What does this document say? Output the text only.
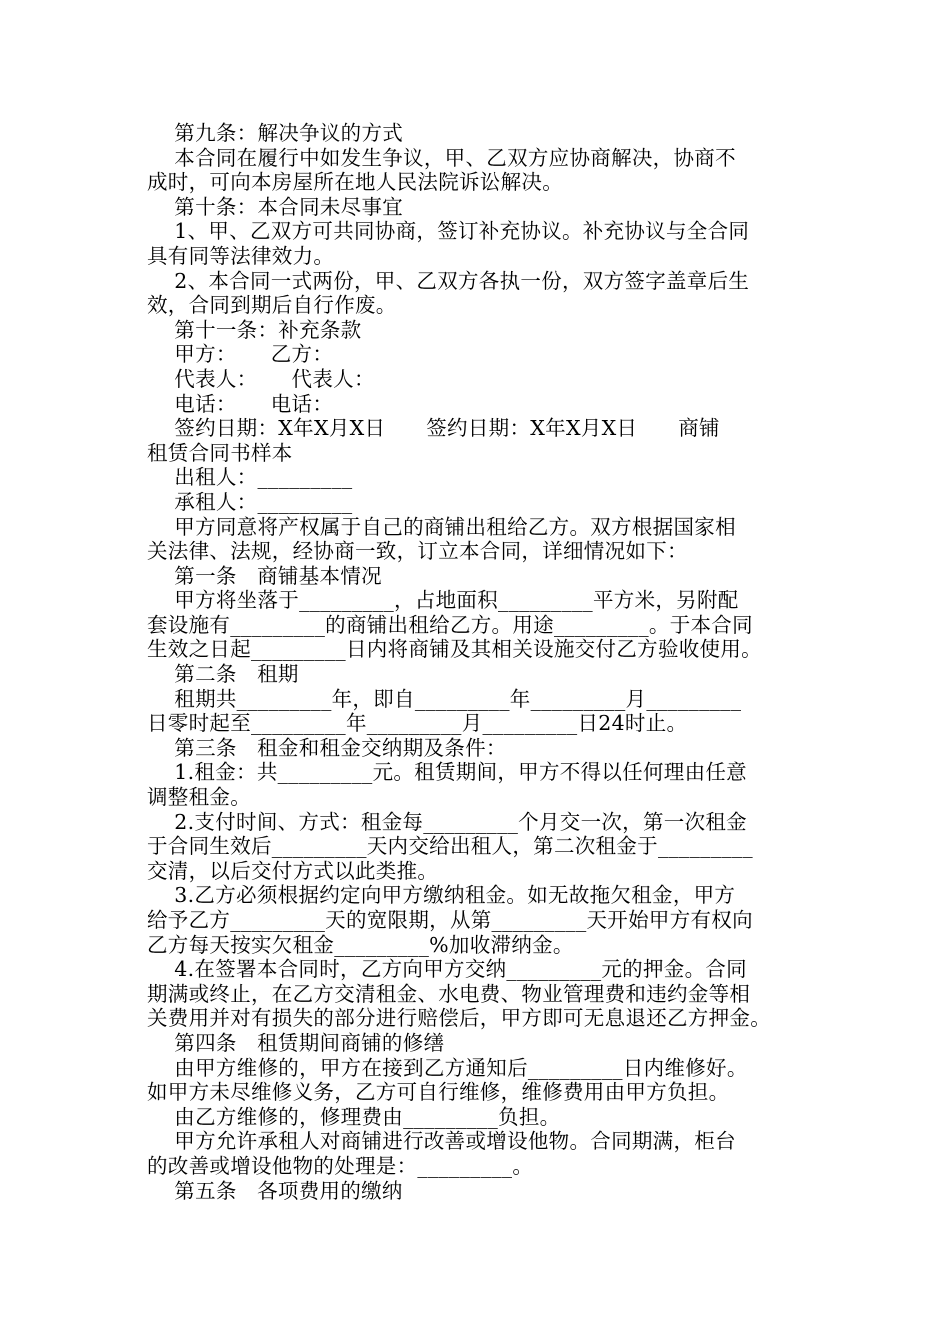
第九条：解决争议的方式
本合同在履行中如发生争议，甲、乙双方应协商解决，协商不
成时，可向本房屋所在地人民法院诉讼解决。
第十条：本合同未尽事宜
1、甲、乙双方可共同协商，签订补充协议。补充协议与全合同
具有同等法律效力。
2、本合同一式两份，甲、乙双方各执一份，双方签字盖章后生
效，合同到期后自行作废。
第十一条：补充条款
甲方：     乙方：
代表人：     代表人：
电话：     电话：
签约日期：X年X月X日      签约日期：X年X月X日      商铺
租赁合同书样本
出租人：_________
承租人：_________
甲方同意将产权属于自己的商铺出租给乙方。双方根据国家相
关法律、法规，经协商一致，订立本合同，详细情况如下：
第一条   商铺基本情况
甲方将坐落于_________，占地面积_________平方米，另附配
套设施有_________的商铺出租给乙方。用途_________。于本合同
生效之日起_________日内将商铺及其相关设施交付乙方验收使用。
第二条   租期
租期共_________年，即自_________年_________月_________
日零时起至_________年_________月_________日24时止。
第三条   租金和租金交纳期及条件：
1.租金：共_________元。租赁期间，甲方不得以任何理由任意
调整租金。
2.支付时间、方式：租金每_________个月交一次，第一次租金
于合同生效后_________天内交给出租人，第二次租金于_________
交清，以后交付方式以此类推。
3.乙方必须根据约定向甲方缴纳租金。如无故拖欠租金，甲方
给予乙方_________天的宽限期，从第_________天开始甲方有权向
乙方每天按实欠租金_________%加收滞纳金。
4.在签署本合同时，乙方向甲方交纳_________元的押金。合同
期满或终止，在乙方交清租金、水电费、物业管理费和违约金等相
关费用并对有损失的部分进行赔偿后，甲方即可无息退还乙方押金。
第四条   租赁期间商铺的修缮
由甲方维修的，甲方在接到乙方通知后_________日内维修好。
如甲方未尽维修义务，乙方可自行维修，维修费用由甲方负担。
由乙方维修的，修理费由_________负担。
甲方允许承租人对商铺进行改善或增设他物。合同期满，柜台
的改善或增设他物的处理是：_________。
第五条   各项费用的缴纳
